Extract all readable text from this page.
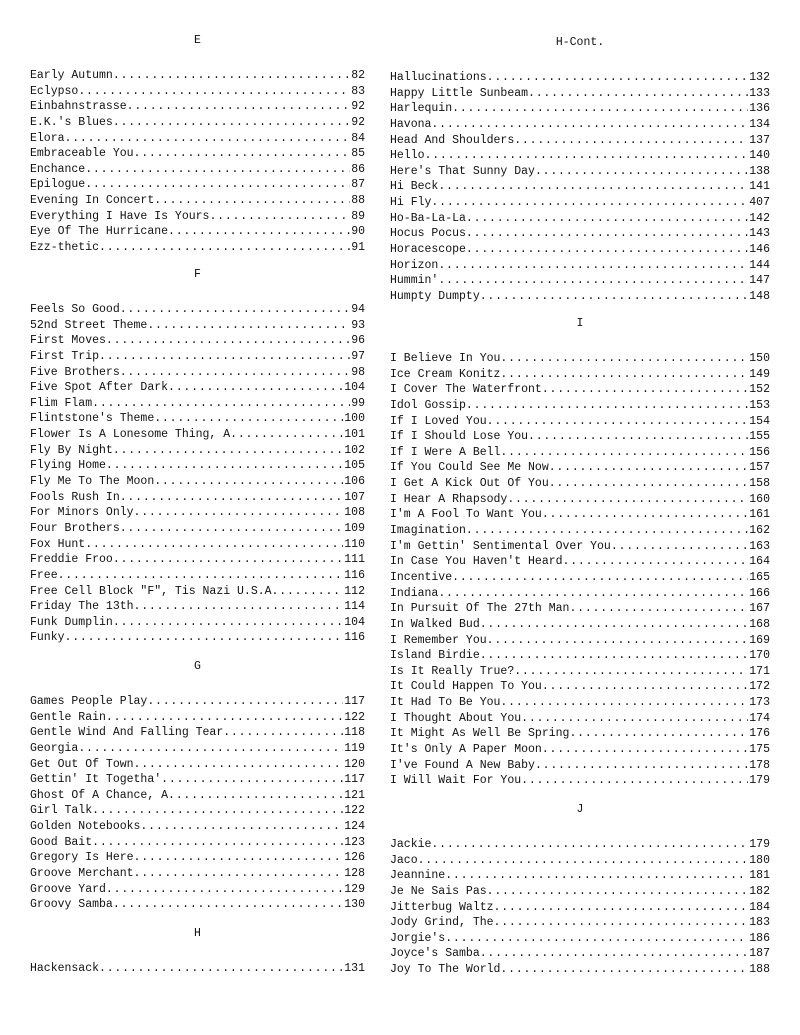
E
Early Autumn .....	82
Eclypso .....	83
Einbahnstrasse .....	92
E.K.'s Blues .....	92
Elora .....	84
Embraceable You .....	85
Enchance .....	86
Epilogue .....	87
Evening In Concert .....	88
Everything I Have Is Yours .....	89
Eye Of The Hurricane .....	90
Ezz-thetic .....	91
F
Feels So Good .....	94
52nd Street Theme .....	93
First Moves .....	96
First Trip .....	97
Five Brothers .....	98
Five Spot After Dark .....	104
Flim Flam .....	99
Flintstone's Theme .....	100
Flower Is A Lonesome Thing, A .....	101
Fly By Night .....	102
Flying Home .....	105
Fly Me To The Moon .....	106
Fools Rush In .....	107
For Minors Only .....	108
Four Brothers .....	109
Fox Hunt .....	110
Freddie Froo .....	111
Free .....	116
Free Cell Block "F", Tis Nazi U.S.A .....	112
Friday The 13th .....	114
Funk Dumplin .....	104
Funky .....	116
G
Games People Play .....	117
Gentle Rain .....	122
Gentle Wind And Falling Tear .....	118
Georgia .....	119
Get Out Of Town .....	120
Gettin' It Togetha' .....	117
Ghost Of A Chance, A .....	121
Girl Talk .....	122
Golden Notebooks .....	124
Good Bait .....	123
Gregory Is Here .....	126
Groove Merchant .....	128
Groove Yard .....	129
Groovy Samba .....	130
H
Hackensack .....	131
H-Cont.
Hallucinations .....	132
Happy Little Sunbeam .....	133
Harlequin .....	136
Havona .....	134
Head And Shoulders .....	137
Hello .....	140
Here's That Sunny Day .....	138
Hi Beck .....	141
Hi Fly .....	407
Ho-Ba-La-La .....	142
Hocus Pocus .....	143
Horacescope .....	146
Horizon .....	144
Hummin' .....	147
Humpty Dumpty .....	148
I
I Believe In You .....	150
Ice Cream Konitz .....	149
I Cover The Waterfront .....	152
Idol Gossip .....	153
If I Loved You .....	154
If I Should Lose You .....	155
If I Were A Bell .....	156
If You Could See Me Now .....	157
I Get A Kick Out Of You .....	158
I Hear A Rhapsody .....	160
I'm A Fool To Want You .....	161
Imagination .....	162
I'm Gettin' Sentimental Over You .....	163
In Case You Haven't Heard .....	164
Incentive .....	165
Indiana .....	166
In Pursuit Of The 27th Man .....	167
In Walked Bud .....	168
I Remember You .....	169
Island Birdie .....	170
Is It Really True? .....	171
It Could Happen To You .....	172
It Had To Be You .....	173
I Thought About You .....	174
It Might As Well Be Spring .....	176
It's Only A Paper Moon .....	175
I've Found A New Baby .....	178
I Will Wait For You .....	179
J
Jackie .....	179
Jaco .....	180
Jeannine .....	181
Je Ne Sais Pas .....	182
Jitterbug Waltz .....	184
Jody Grind, The .....	183
Jorgie's .....	186
Joyce's Samba .....	187
Joy To The World .....	188
